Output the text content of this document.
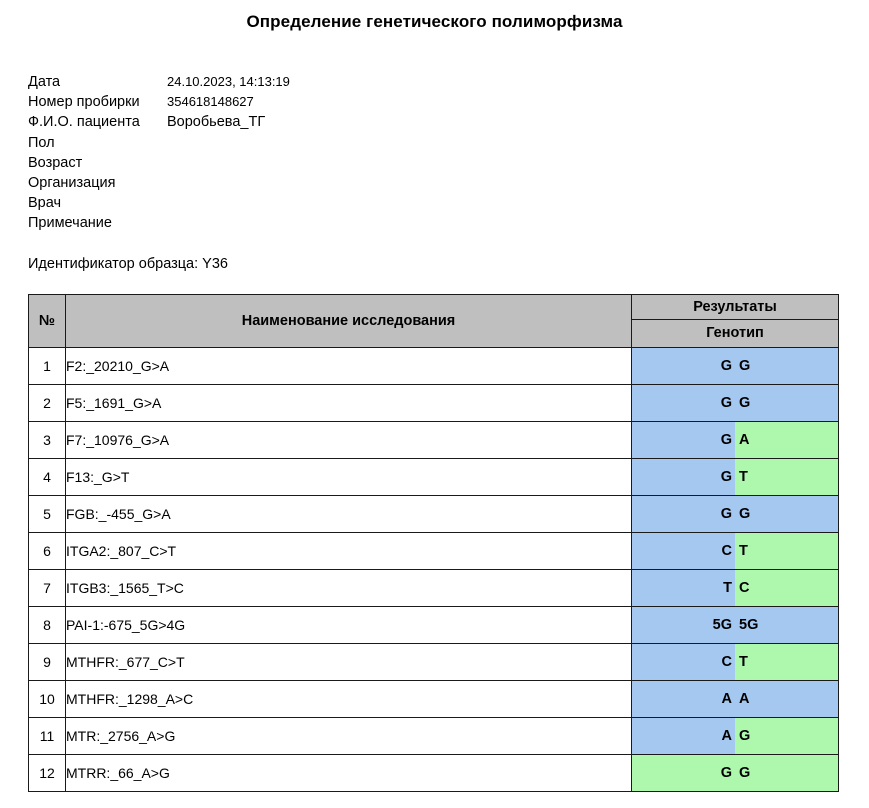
Определение генетического полиморфизма
Дата	24.10.2023, 14:13:19
Номер пробирки	354618148627
Ф.И.О. пациента	Воробьева_ТГ
Пол
Возраст
Организация
Врач
Примечание
Идентификатор образца: Y36
№	Наименование исследования	Результаты
		Генотип
1	F2:_20210_G>A	G G

2	F5:_1691_G>A	G G

3	F7:_10976_G>A	G A

4	F13:_G>T	G T

5	FGB:_-455_G>A	G G

6	ITGA2:_807_C>T	C T

7	ITGB3:_1565_T>C	T C

8	PAI-1:-675_5G>4G	5G 5G

9	MTHFR:_677_C>T	C T

10	MTHFR:_1298_A>C	A A

11	MTR:_2756_A>G	A G

12	MTRR:_66_A>G	G G
